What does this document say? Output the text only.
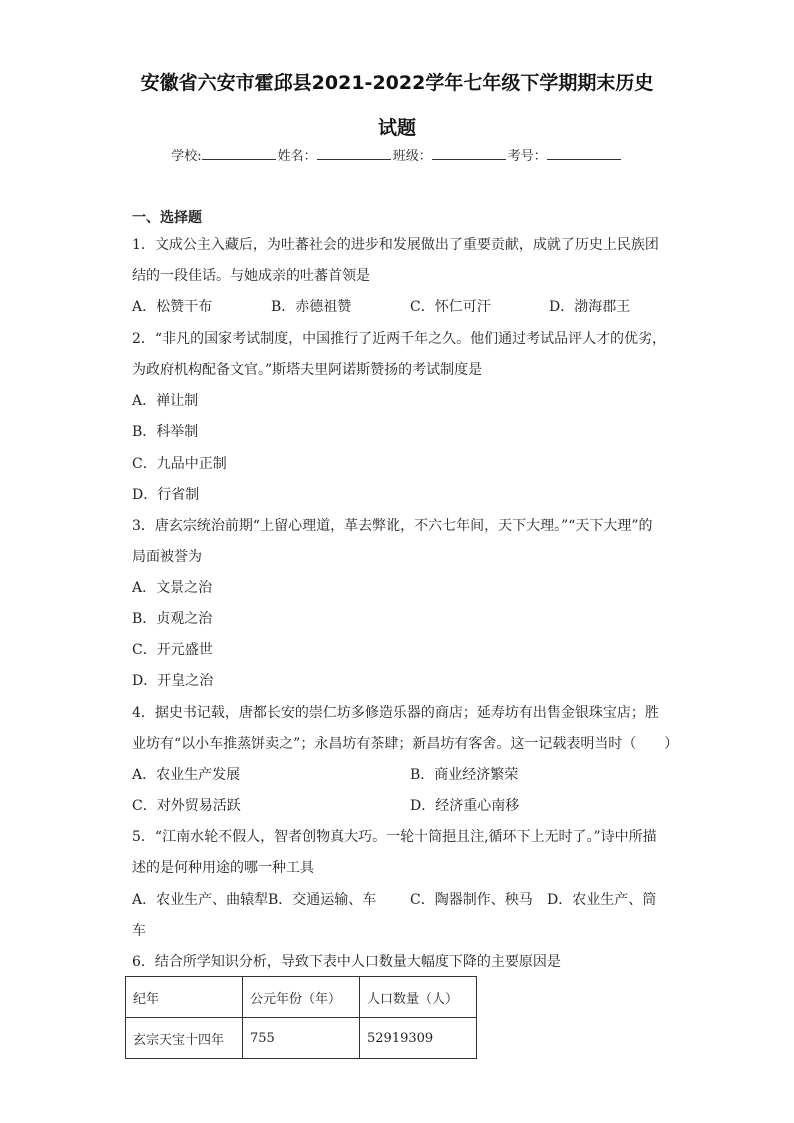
安徽省六安市霍邱县2021-2022学年七年级下学期期末历史
试题
学校:	姓名：	班级：	考号：
一、选择题
1．文成公主入藏后，为吐蕃社会的进步和发展做出了重要贡献，成就了历史上民族团
结的一段佳话。与她成亲的吐蕃首领是
A．松赞干布	B．赤德祖赞	C．怀仁可汗	D．渤海郡王
2．“非凡的国家考试制度，中国推行了近两千年之久。他们通过考试品评人才的优劣，
为政府机构配备文官。”斯塔夫里阿诺斯赞扬的考试制度是
A．禅让制
B．科举制
C．九品中正制
D．行省制
3．唐玄宗统治前期“上留心理道，革去弊讹，不六七年间，天下大理。”“天下大理”的
局面被誉为
A．文景之治
B．贞观之治
C．开元盛世
D．开皇之治
4．据史书记载，唐都长安的崇仁坊多修造乐器的商店；延寿坊有出售金银珠宝店；胜
业坊有“以小车推蒸饼卖之”；永昌坊有茶肆；新昌坊有客舍。这一记载表明当时（　　）
A．农业生产发展	B．商业经济繁荣
C．对外贸易活跃	D．经济重心南移
5．“江南水轮不假人，智者创物真大巧。一轮十筒挹且注,循环下上无时了。”诗中所描
述的是何种用途的哪一种工具
A．农业生产、曲辕犁 B．交通运输、车 C．陶器制作、秧马 D．农业生产、筒
车
6．结合所学知识分析，导致下表中人口数量大幅度下降的主要原因是
纪年	公元年份（年）	人口数量（人）
玄宗天宝十四年	755	52919309
